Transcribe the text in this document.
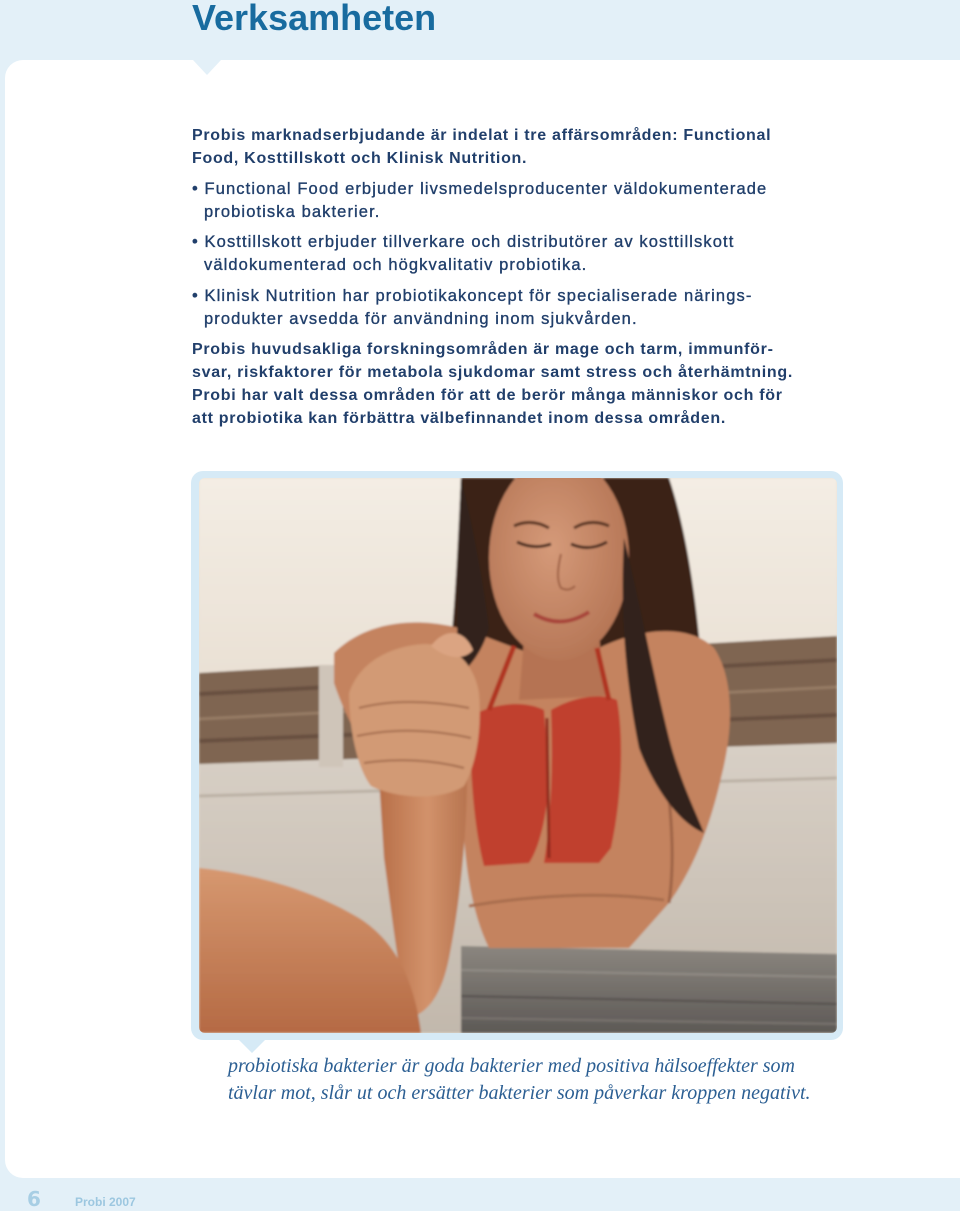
Verksamheten
Probis marknadserbjudande är indelat i tre affärsområden: Functional
Food, Kosttillskott och Klinisk Nutrition.
• Functional Food erbjuder livsmedelsproducenter väldokumenterade
probiotiska bakterier.
• Kosttillskott erbjuder tillverkare och distributörer av kosttillskott
väldokumenterad och högkvalitativ probiotika.
• Klinisk Nutrition har probiotikakoncept för specialiserade närings-
produkter avsedda för användning inom sjukvården.
Probis huvudsakliga forskningsområden är mage och tarm, immunför-
svar, riskfaktorer för metabola sjukdomar samt stress och återhämtning.
Probi har valt dessa områden för att de berör många människor och för
att probiotika kan förbättra välbefinnandet inom dessa områden.
probiotiska bakterier är goda bakterier med positiva hälsoeffekter som
tävlar mot, slår ut och ersätter bakterier som påverkar kroppen negativt.
6	Probi 2007
